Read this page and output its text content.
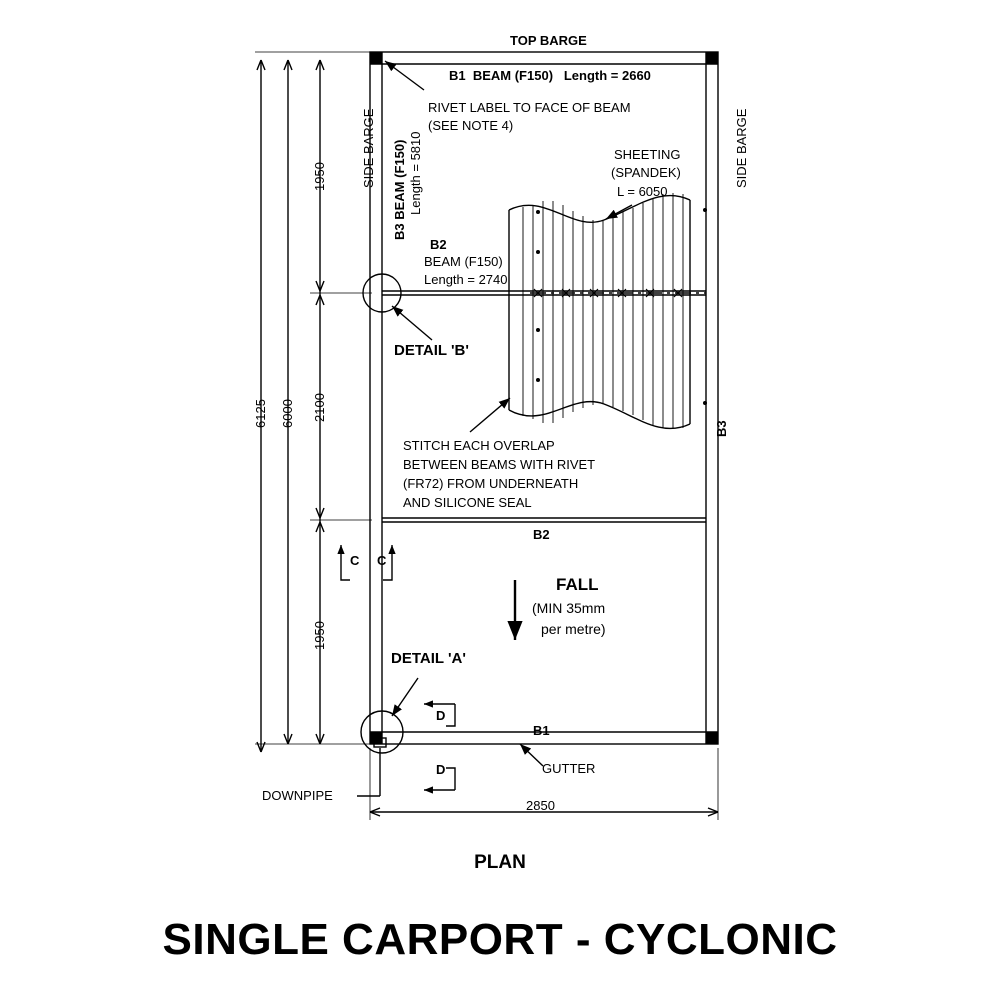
TOP BARGE
SIDE BARGE	SIDE BARGE
B1  BEAM (F150)   Length = 2660
B3 BEAM (F150) Length = 5810
RIVET LABEL TO FACE OF BEAM
(SEE NOTE 4)
SHEETING
(SPANDEK)
L = 6050
B2
BEAM (F150)
Length = 2740
DETAIL 'B'
STITCH EACH OVERLAP
BETWEEN BEAMS WITH RIVET
(FR72) FROM UNDERNEATH
AND SILICONE SEAL
B3
B2
B1
C C
D
D
FALL
(MIN 35mm
per metre)
DETAIL 'A'
GUTTER
DOWNPIPE
6125 6000
1950
2100
1950
2850
PLAN
SINGLE CARPORT - CYCLONIC
